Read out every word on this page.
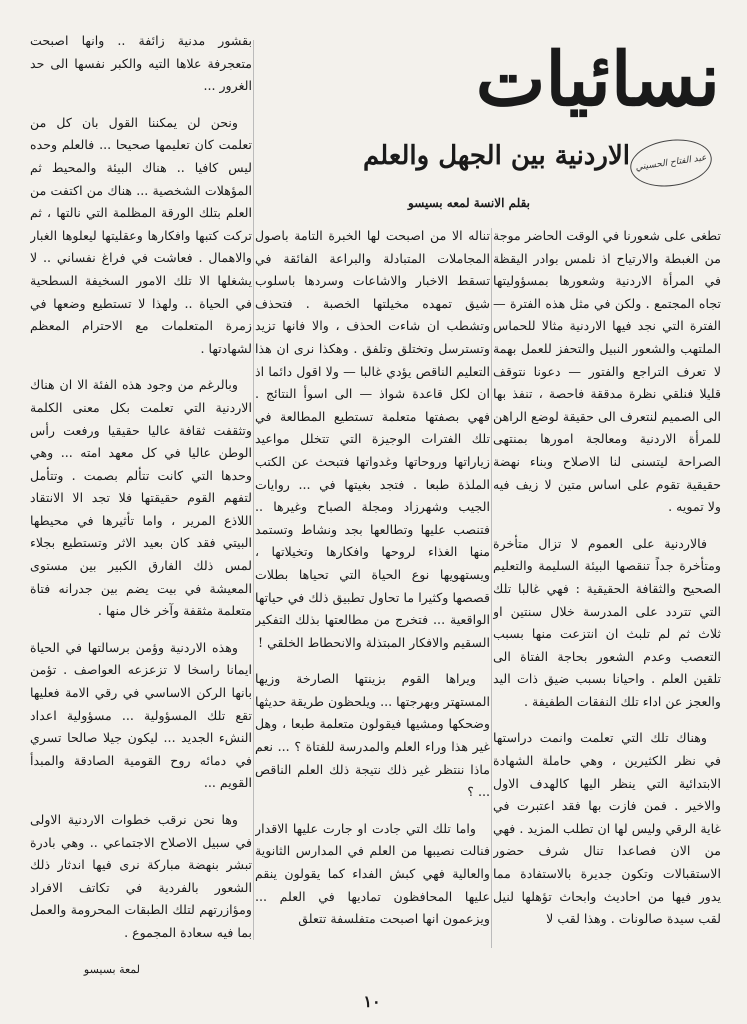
نسائيات
عبد الفتاح الحسيني
الاردنية بين الجهل والعلم
بقلم الانسة لمعه بسيسو

تطغى على شعورنا في الوقت الحاضر موجة من الغبطة والارتياح اذ نلمس بوادر اليقظة في المرأة الاردنية وشعورها بمسؤوليتها تجاه المجتمع . ولكن في مثل هذه الفترة — الفترة التي نجد فيها الاردنية مثالا للحماس الملتهب والشعور النبيل والتحفز للعمل بهمة لا تعرف التراجع والفتور — دعونا نتوقف قليلا فنلقي نظرة مدققة فاحصة ، تنفذ بها الى الصميم لنتعرف الى حقيقة لوضع الراهن للمرأة الاردنية ومعالجة امورها بمنتهى الصراحة ليتسنى لنا الاصلاح وبناء نهضة حقيقية تقوم على اساس متين لا زيف فيه ولا تمويه .

فالاردنية على العموم لا تزال متأخرة ومتأخرة جداً تنقصها البيئة السليمة والتعليم الصحيح والثقافة الحقيقية : فهي غالبا تلك التي تتردد على المدرسة خلال سنتين او ثلاث ثم لم تلبث ان انتزعت منها بسبب التعصب وعدم الشعور بحاجة الفتاة الى تلقين العلم . واحيانا بسبب ضيق ذات اليد والعجز عن اداء تلك النفقات الطفيفة .

وهناك تلك التي تعلمت وانمت دراستها في نظر الكثيرين ، وهي حاملة الشهادة الابتدائية التي ينظر اليها كالهدف الاول والاخير . فمن فازت بها فقد اعتبرت في غاية الرقي وليس لها ان تطلب المزيد . فهي من الان فصاعدا تنال شرف حضور الاستقبالات وتكون جديرة بالاستفادة مما يدور فيها من احاديث وابحاث تؤهلها لنيل لقب سيدة صالونات . وهذا لقب لا

تناله الا من اصبحت لها الخبرة التامة باصول المجاملات المتبادلة والبراعة الفائقة في تسقط الاخبار والاشاعات وسردها باسلوب شيق تمهده مخيلتها الخصبة . فتحذف وتشطب ان شاءت الحذف ، والا فانها تزيد وتسترسل وتختلق وتلفق . وهكذا نرى ان هذا التعليم الناقص يؤدي غالبا — ولا اقول دائما اذ ان لكل قاعدة شواذ — الى اسوأ النتائج . فهي بصفتها متعلمة تستطيع المطالعة في تلك الفترات الوجيزة التي تتخلل مواعيد زياراتها وروحاتها وغدواتها فتبحث عن الكتب الملذة طبعا . فتجد بغيتها في ... روايات الجيب وشهرزاد ومجلة الصباح وغيرها .. فتنصب عليها وتطالعها بجد ونشاط وتستمد منها الغذاء لروحها وافكارها وتخيلاتها ، ويستهويها نوع الحياة التي تحياها بطلات قصصها وكثيرا ما تحاول تطبيق ذلك في حياتها الواقعية ... فتخرج من مطالعتها بذلك التفكير السقيم والافكار المبتذلة والانحطاط الخلقي !

ويراها القوم بزينتها الصارخة وزيها المستهتر وبهرجتها ... ويلحظون طريقة حديثها وضحكها ومشيها فيقولون متعلمة طبعا ، وهل غير هذا وراء العلم والمدرسة للفتاة ؟ ... نعم ماذا ننتظر غير ذلك نتيجة ذلك العلم الناقص ... ؟

واما تلك التي جادت او جارت عليها الاقدار فنالت نصيبها من العلم في المدارس الثانوية والعالية فهي كبش الفداء كما يقولون ينقم عليها المحافظون تماديها في العلم ... ويزعمون انها اصبحت متفلسفة تتعلق

بقشور مدنية زائفة .. وانها اصبحت متعجرفة علاها التيه والكبر نفسها الى حد الغرور ...

ونحن لن يمكننا القول بان كل من تعلمت كان تعليمها صحيحا ... فالعلم وحده ليس كافيا .. هناك البيئة والمحيط ثم المؤهلات الشخصية ... هناك من اكتفت من العلم بتلك الورقة المظلمة التي نالتها ، ثم تركت كتبها وافكارها وعقليتها ليعلوها الغبار والاهمال . فعاشت في فراغ نفساني .. لا يشغلها الا تلك الامور السخيفة السطحية في الحياة .. ولهذا لا تستطيع وضعها في زمرة المتعلمات مع الاحترام المعظم لشهادتها .

وبالرغم من وجود هذه الفئة الا ان هناك الاردنية التي تعلمت بكل معنى الكلمة وتثقفت ثقافة عاليا حقيقيا ورفعت رأس الوطن عاليا في كل معهد امته ... وهي وحدها التي كانت تتألم بصمت . وتتأمل لتفهم القوم حقيقتها فلا تجد الا الانتقاد اللاذع المرير ، واما تأثيرها في محيطها البيتي فقد كان بعيد الاثر وتستطيع بجلاء لمس ذلك الفارق الكبير بين مستوى المعيشة في بيت يضم بين جدرانه فتاة متعلمة مثقفة وآخر خال منها .

وهذه الاردنية وؤمن برسالتها في الحياة ايمانا راسخا لا تزعزعه العواصف . تؤمن بانها الركن الاساسي في رقي الامة فعليها تقع تلك المسؤولية ... مسؤولية اعداد النشء الجديد ... ليكون جيلا صالحا تسري في دمائه روح القومية الصادقة والمبدأ القويم ...

وها نحن نرقب خطوات الاردنية الاولى في سبيل الاصلاح الاجتماعي .. وهي بادرة تبشر بنهضة مباركة نرى فيها اندثار ذلك الشعور بالفردية في تكاتف الافراد ومؤازرتهم لتلك الطبقات المحرومة والعمل بما فيه سعادة المجموع .

لمعة بسيسو
١٠
